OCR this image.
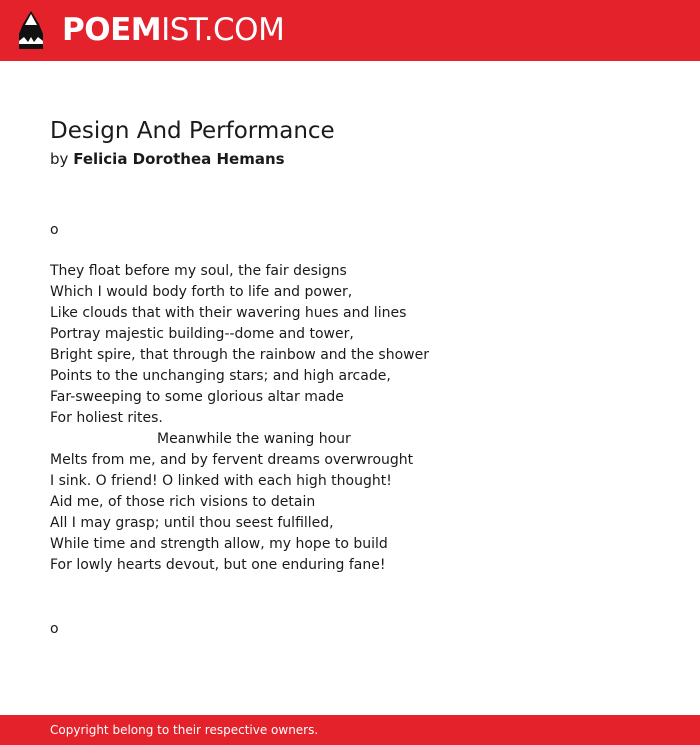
POEMIST.COM
Design And Performance
by Felicia Dorothea Hemans
o
They float before my soul, the fair designs
Which I would body forth to life and power,
Like clouds that with their wavering hues and lines
Portray majestic building--dome and tower,
Bright spire, that through the rainbow and the shower
Points to the unchanging stars; and high arcade,
Far-sweeping to some glorious altar made
For holiest rites.
Meanwhile the waning hour
Melts from me, and by fervent dreams overwrought
I sink. O friend! O linked with each high thought!
Aid me, of those rich visions to detain
All I may grasp; until thou seest fulfilled,
While time and strength allow, my hope to build
For lowly hearts devout, but one enduring fane!
o
Copyright belong to their respective owners.
